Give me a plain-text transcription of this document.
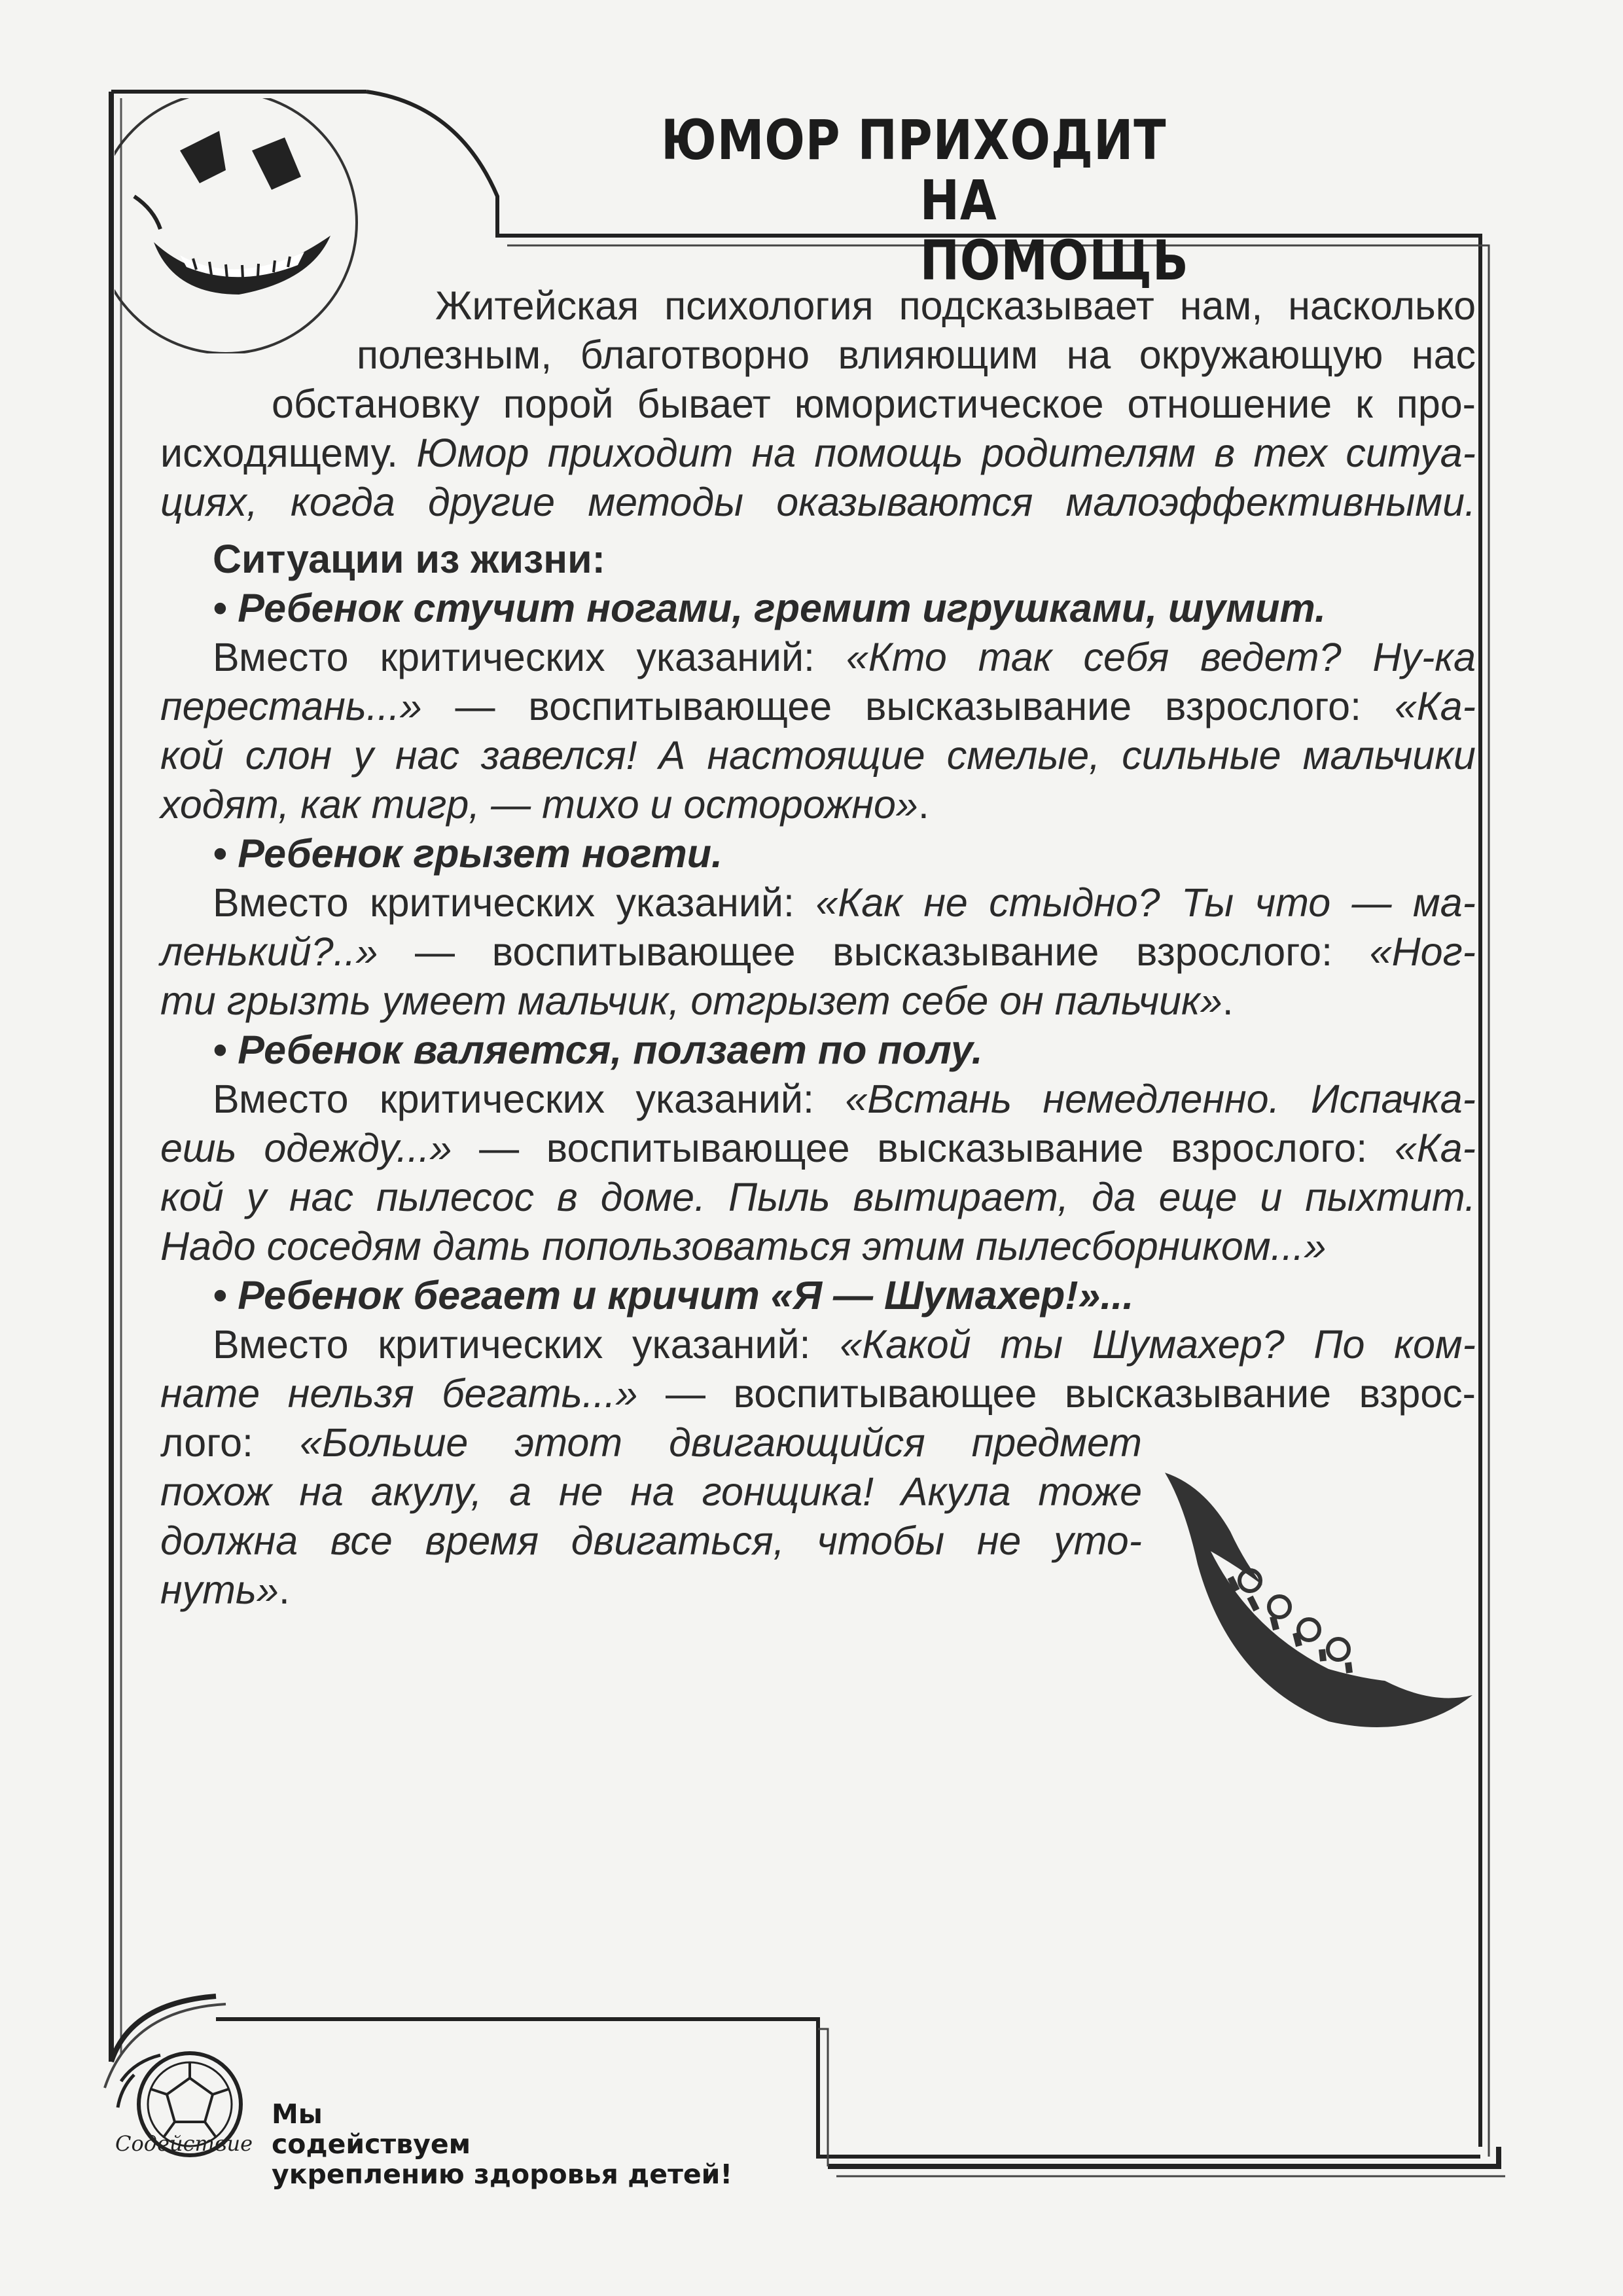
ЮМОР ПРИХОДИТ
НА ПОМОЩЬ

Житейская психология подсказывает нам, насколько

полезным, благотворно влияющим на окружающую нас

обстановку порой бывает юмористическое отношение к про-

исходящему. Юмор приходит на помощь родителям в тех ситуа-

циях, когда другие методы оказываются малоэффективными.

Ситуации из жизни:

• Ребенок стучит ногами, гремит игрушками, шумит.

Вместо критических указаний: «Кто так себя ведет? Ну-ка

перестань...» — воспитывающее высказывание взрослого: «Ка-

кой слон у нас завелся! А настоящие смелые, сильные мальчики

ходят, как тигр, — тихо и осторожно».

• Ребенок грызет ногти.

Вместо критических указаний: «Как не стыдно? Ты что — ма-

ленький?..» — воспитывающее высказывание взрослого: «Ног-

ти грызть умеет мальчик, отгрызет себе он пальчик».

• Ребенок валяется, ползает по полу.

Вместо критических указаний: «Встань немедленно. Испачка-

ешь одежду...» — воспитывающее высказывание взрослого: «Ка-

кой у нас пылесос в доме. Пыль вытирает, да еще и пыхтит.

Надо соседям дать попользоваться этим пылесборником...»

• Ребенок бегает и кричит «Я — Шумахер!»...

Вместо критических указаний: «Какой ты Шумахер? По ком-

нате нельзя бегать...» — воспитывающее высказывание взрос-

лого: «Больше этот двигающийся предмет

похож на акулу, а не на гонщика! Акула тоже

должна все время двигаться, чтобы не уто-

нуть».

Содействие
Мы
содействуем
укреплению здоровья детей!
